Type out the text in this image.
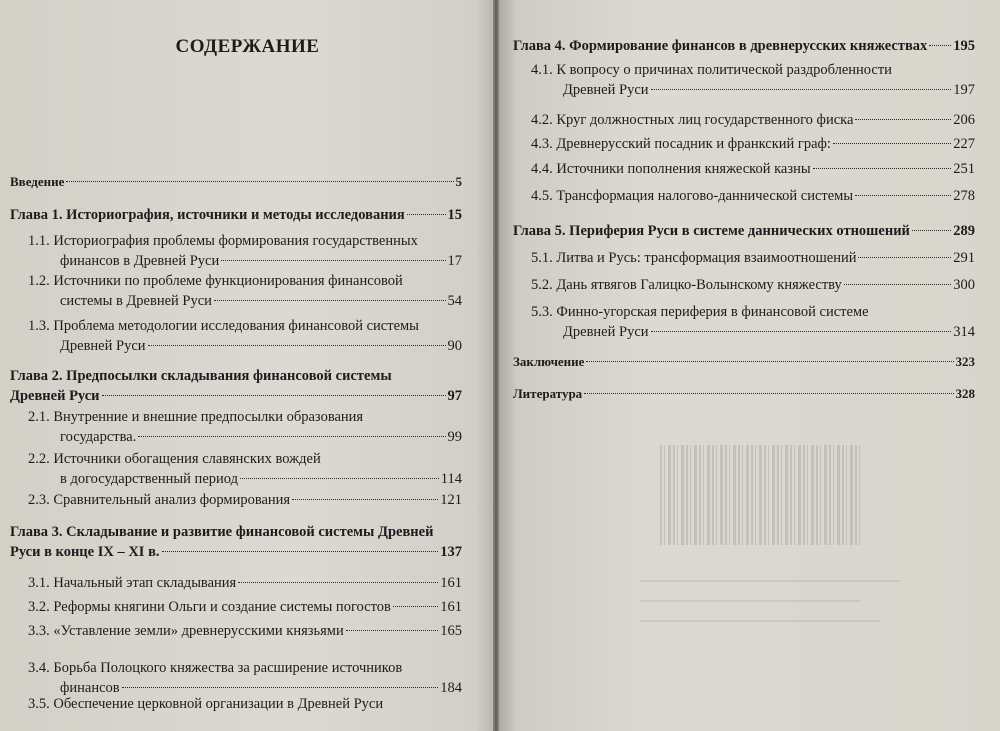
СОДЕРЖАНИЕ
Введение	5
Глава 1. Историография, источники и методы исследования	15
1.1. Историография проблемы формирования государственных
финансов в Древней Руси	17
1.2. Источники по проблеме функционирования финансовой
системы в Древней Руси	54
1.3. Проблема методологии исследования финансовой системы
Древней Руси	90
Глава 2. Предпосылки складывания финансовой системы
Древней Руси	97
2.1. Внутренние и внешние предпосылки образования
государства.	99
2.2. Источники обогащения славянских вождей
в догосударственный период	114
2.3. Сравнительный анализ формирования	121
Глава 3. Складывание и развитие финансовой системы Древней
Руси в конце IX – XI в.	137
3.1. Начальный этап складывания	161
3.2. Реформы княгини Ольги и создание системы погостов	161
3.3. «Уставление земли» древнерусскими князьями	165
3.4. Борьба Полоцкого княжества за расширение источников
финансов	184
3.5. Обеспечение церковной организации в Древней Руси
Глава 4. Формирование финансов в древнерусских княжествах 195
4.1. К вопросу о причинах политической раздробленности
Древней Руси	197
4.2. Круг должностных лиц государственного фиска	206
4.3. Древнерусский посадник и франкский граф:	227
4.4. Источники пополнения княжеской казны	251
4.5. Трансформация налогово-даннической системы	278
Глава 5. Периферия Руси в системе даннических отношений	289
5.1. Литва и Русь: трансформация взаимоотношений	291
5.2. Дань ятвягов Галицко-Волынскому княжеству	300
5.3. Финно-угорская периферия в финансовой системе
Древней Руси	314
Заключение	323
Литература	328
